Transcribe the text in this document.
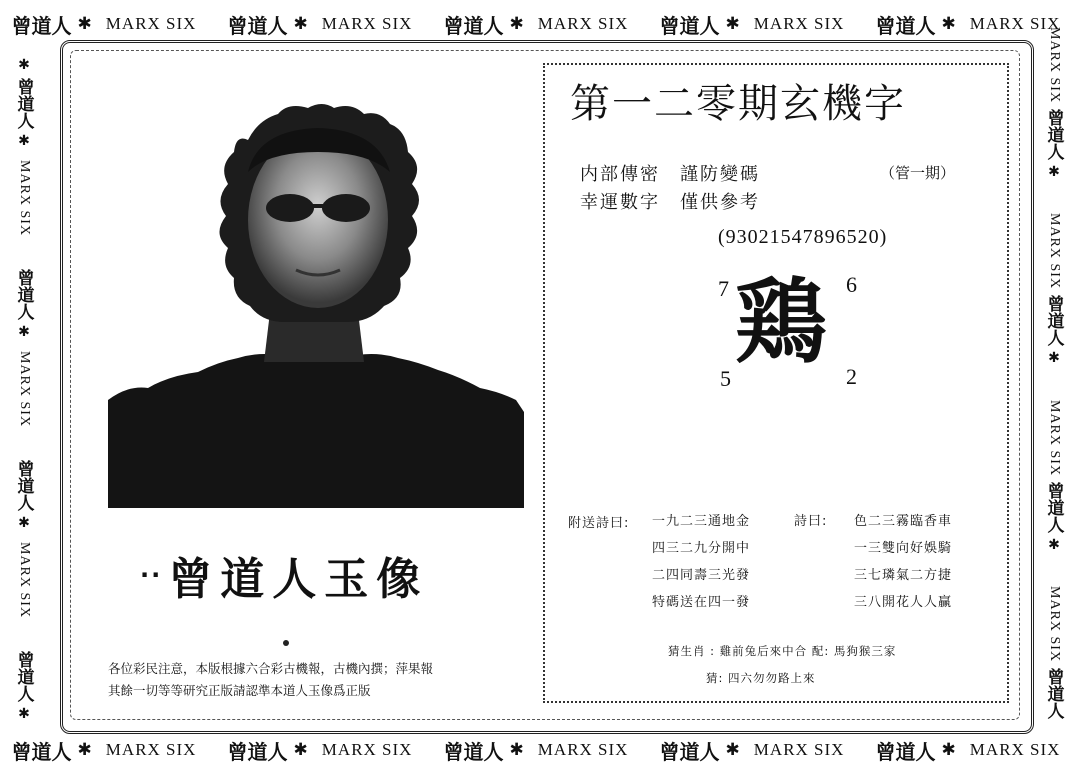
曾道人 ✱ MARX SIX 曾道人 ✱ MARX SIX 曾道人 ✱ MARX SIX 曾道人 ✱ MARX SIX 曾道人 ✱ MARX SIX
曾道人 ✱ MARX SIX 曾道人 ✱ MARX SIX 曾道人 ✱ MARX SIX 曾道人 ✱ MARX SIX 曾道人 ✱ MARX SIX
✱
曾道人
✱
MARX SIX
曾道人
✱
MARX SIX
曾道人
✱
MARX SIX
曾道人
✱
MARX SIX
曾道人
✱
MARX SIX
曾道人
✱
MARX SIX
曾道人
✱
MARX SIX
曾道人
·· 曾道人玉像
各位彩民注意，本版根據六合彩古機報，古機內撰；萍果報
其餘一切等等研究正版請認準本道人玉像爲正版
第一二零期玄機字
内部傳密　謹防變碼	（管一期）
幸運數字　僅供參考
(93021547896520)
7	6
鶏
5	2
附送詩曰: 一九二三通地金
四三二九分開中
二四同壽三光發
特碼送在四一發
詩曰: 色二三霧臨香車
一三雙向好娛騎
三七璘氣二方捷
三八開花人人贏
猜生肖 : 雞前兔后來中合 配: 馬狗猴三家
猜: 四六勿勿路上來
